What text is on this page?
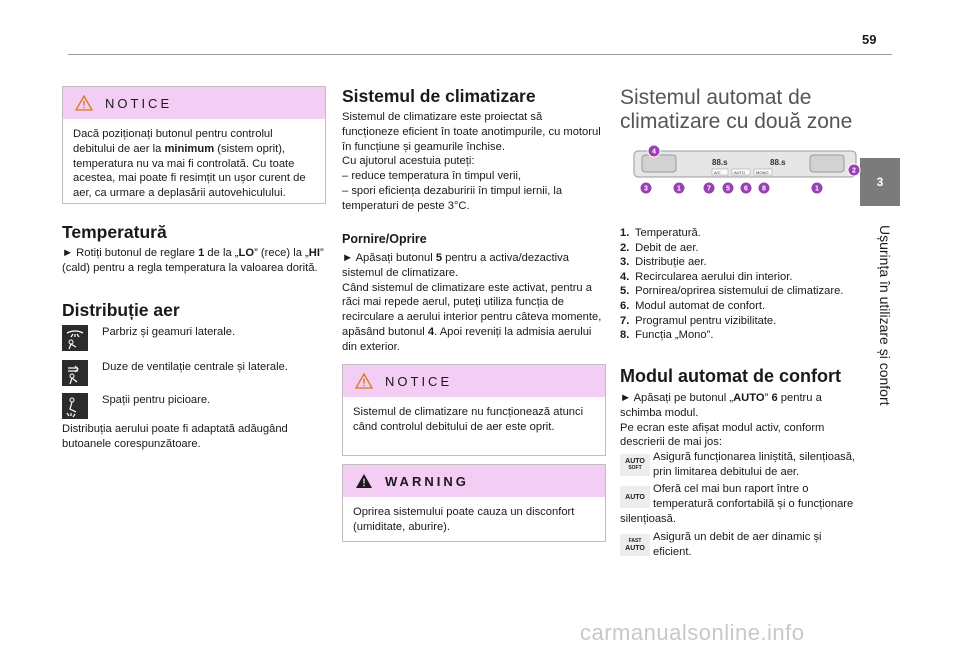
59
3
Ușurința în utilizare și confort
NOTICE
Dacă poziționați butonul pentru controlul debitului de aer la minimum (sistem oprit), temperatura nu va mai fi controlată. Cu toate acestea, mai poate fi resimțit un ușor curent de aer, ca urmare a deplasării autovehiculului.
Temperatură
► Rotiți butonul de reglare 1 de la „LO” (rece) la „HI” (cald) pentru a regla temperatura la valoarea dorită.
Distribuție aer
Parbriz și geamuri laterale.
Duze de ventilație centrale și laterale.
Spații pentru picioare.
Distribuția aerului poate fi adaptată adăugând butoanele corespunzătoare.
Sistemul de climatizare
Sistemul de climatizare este proiectat să funcționeze eficient în toate anotimpurile, cu motorul în funcțiune și geamurile închise.
Cu ajutorul acestuia puteți:
– reduce temperatura în timpul verii,
– spori eficiența dezaburirii în timpul iernii, la temperaturi de peste 3°C.
Pornire/Oprire
► Apăsați butonul 5 pentru a activa/dezactiva sistemul de climatizare.
Când sistemul de climatizare este activat, pentru a răci mai repede aerul, puteți utiliza funcția de recirculare a aerului interior pentru câteva momente, apăsând butonul 4. Apoi reveniți la admisia aerului din exterior.
NOTICE
Sistemul de climatizare nu funcționează atunci când controlul debitului de aer este oprit.
WARNING
Oprirea sistemului poate cauza un disconfort (umiditate, aburire).
Sistemul automat de
climatizare cu două zone
88.s	88.s
A/C	AUTO	MONO
4
2
3	1	7 5 6 8	1
1. Temperatură.
2. Debit de aer.
3. Distribuție aer.
4. Recircularea aerului din interior.
5. Pornirea/oprirea sistemului de climatizare.
6. Modul automat de confort.
7. Programul pentru vizibilitate.
8. Funcția „Mono”.
Modul automat de confort
► Apăsați pe butonul „AUTO” 6 pentru a schimba modul.
Pe ecran este afișat modul activ, conform descrierii de mai jos:
AUTO
SOFT
Asigură funcționarea liniștită, silențioasă,
prin limitarea debitului de aer.
AUTO
Oferă cel mai bun raport între o
temperatură confortabilă și o funcționare
silențioasă.
FAST
AUTO
Asigură un debit de aer dinamic și
eficient.
carmanualsonline.info
